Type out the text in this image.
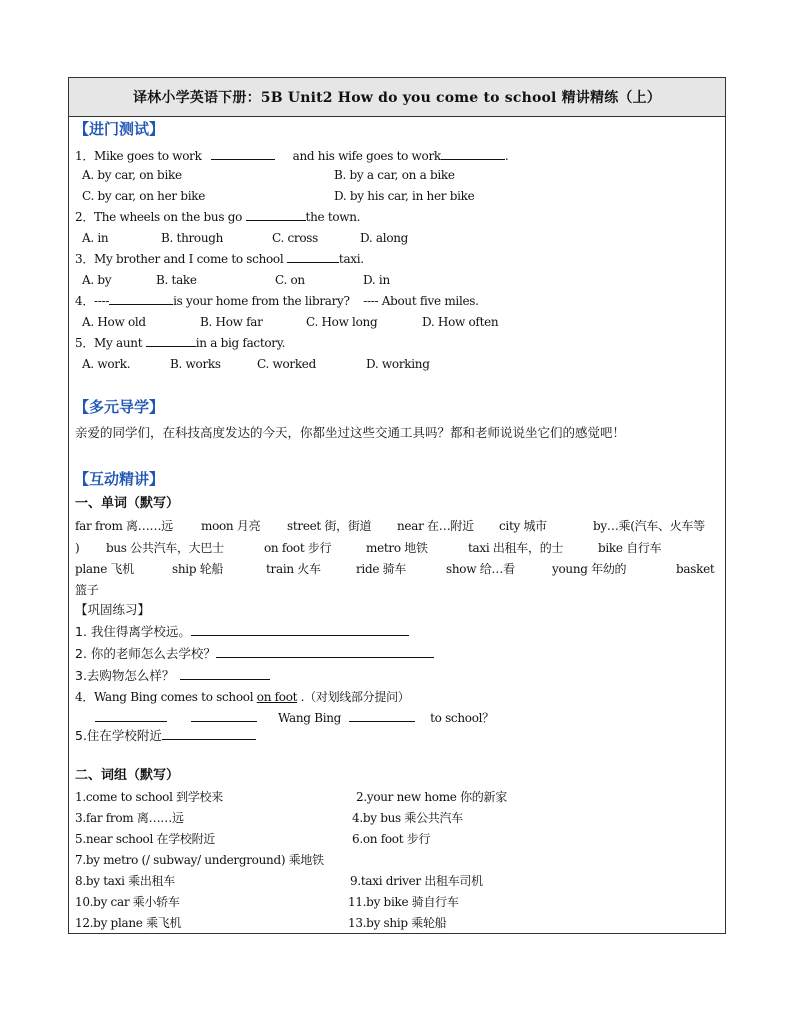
译林小学英语下册：5B Unit2 How do you come to school 精讲精练（上）
【进门测试】
1．Mike goes to work	and his wife goes to work	.
A. by car, on bike	B. by a car, on a bike
C. by car, on her bike	D. by his car, in her bike
2．The wheels on the bus go	the town.
A. in	B. through	C. cross	D. along
3．My brother and I come to school	taxi.
A. by	B. take	C. on	D. in
4．----	is your home from the library? ---- About five miles.
A. How old	B. How far	C. How long	D. How often
5．My aunt	in a big factory.
A. work.	B. works	C. worked	D. working
【多元导学】
亲爱的同学们，在科技高度发达的今天，你都坐过这些交通工具吗？都和老师说说坐它们的感觉吧！
【互动精讲】
一、单词（默写）
far from 离……远 moon 月亮 street 街，街道 near 在…附近 city 城市	by…乘(汽车、火车等
) bus 公共汽车，大巴士	on foot 步行	metro 地铁	taxi 出租车，的士	bike 自行车
plane 飞机	ship 轮船	train 火车	ride 骑车	show 给…看	young 年幼的	basket
篮子
【巩固练习】
1. 我住得离学校远。
2. 你的老师怎么去学校？
3.去购物怎么样？
4．Wang Bing comes to school on foot .（对划线部分提问）
Wang Bing	to school？
5.住在学校附近
二、词组（默写）
1.come to school 到学校来	2.your new home 你的新家
3.far from 离……远	4.by bus 乘公共汽车
5.near school 在学校附近	6.on foot 步行
7.by metro (/ subway/ underground) 乘地铁
8.by taxi 乘出租车	9.taxi driver 出租车司机
10.by car 乘小轿车	11.by bike 骑自行车
12.by plane 乘飞机	13.by ship 乘轮船
